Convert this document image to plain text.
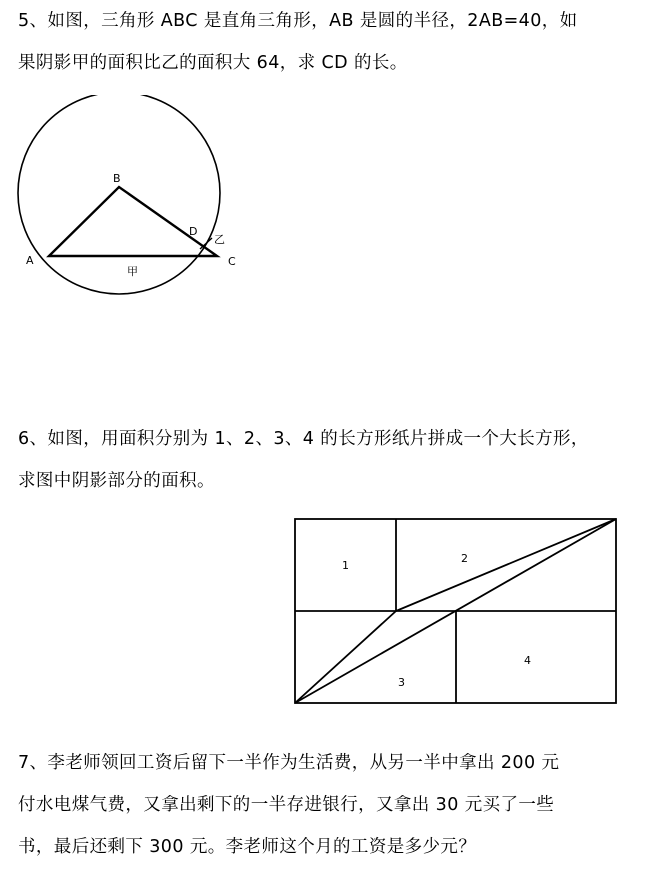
5、如图，三角形 ABC 是直角三角形，AB 是圆的半径，2AB=40，如
果阴影甲的面积比乙的面积大 64，求 CD 的长。
B
A	C
D
乙
甲
6、如图，用面积分别为 1、2、3、4 的长方形纸片拼成一个大长方形，
求图中阴影部分的面积。
1
2
3
4
7、李老师领回工资后留下一半作为生活费，从另一半中拿出 200 元
付水电煤气费，又拿出剩下的一半存进银行，又拿出 30 元买了一些
书，最后还剩下 300 元。李老师这个月的工资是多少元？
